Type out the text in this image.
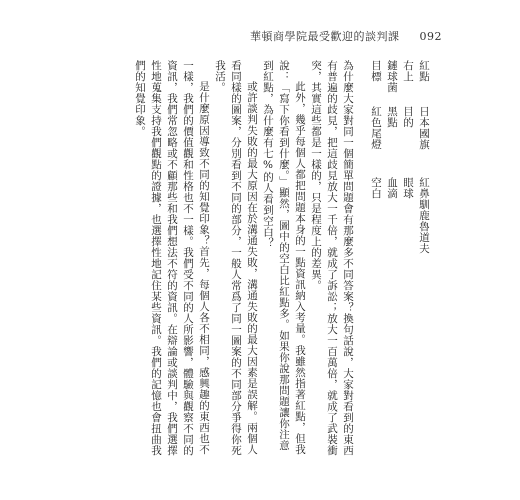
華頓商學院最受歡迎的談判課 092
紅點 日本國旗 紅鼻馴鹿魯道夫
右上 目的 眼球
鏈球菌 黑點 血滴
目標 紅色尾燈 空白

為什麼大家對同一個簡單問題會有那麼多不同答案？換句話說，大家對看到的東西有普遍的歧見，把這歧見放大一千倍，就成了訴訟；放大一百萬倍，就成了武裝衝突，其實這些都是一樣的，只是程度上的差異。

此外，幾乎每個人都把問題本身的一點資訊納入考量。我雖然指著紅點，但我說：「寫下你看到什麼。」顯然，圖中的空白比紅點多。如果你說那問題讓你注意到紅點，為什麼有七%的人看到空白？

或許談判失敗的最大原因在於溝通失敗，溝通失敗的最大因素是誤解。兩個人看同樣的圖案，分別看到不同的部分，一般人常爲了同一圖案的不同部分爭得你死我活。

是什麼原因導致不同的知覺印象？首先，每個人各不相同，感興趣的東西也不一樣，我們的價值觀和性格也不一樣。我們受不同的人所影響，體驗與觀察不同的資訊，我們常忽略或不顧那些和我們想法不符的資訊。在辯論或談判中，我們選擇性地蒐集支持我們觀點的證據，也選擇性地記住某些資訊。我們的記憶也會扭曲我們的知覺印象。
